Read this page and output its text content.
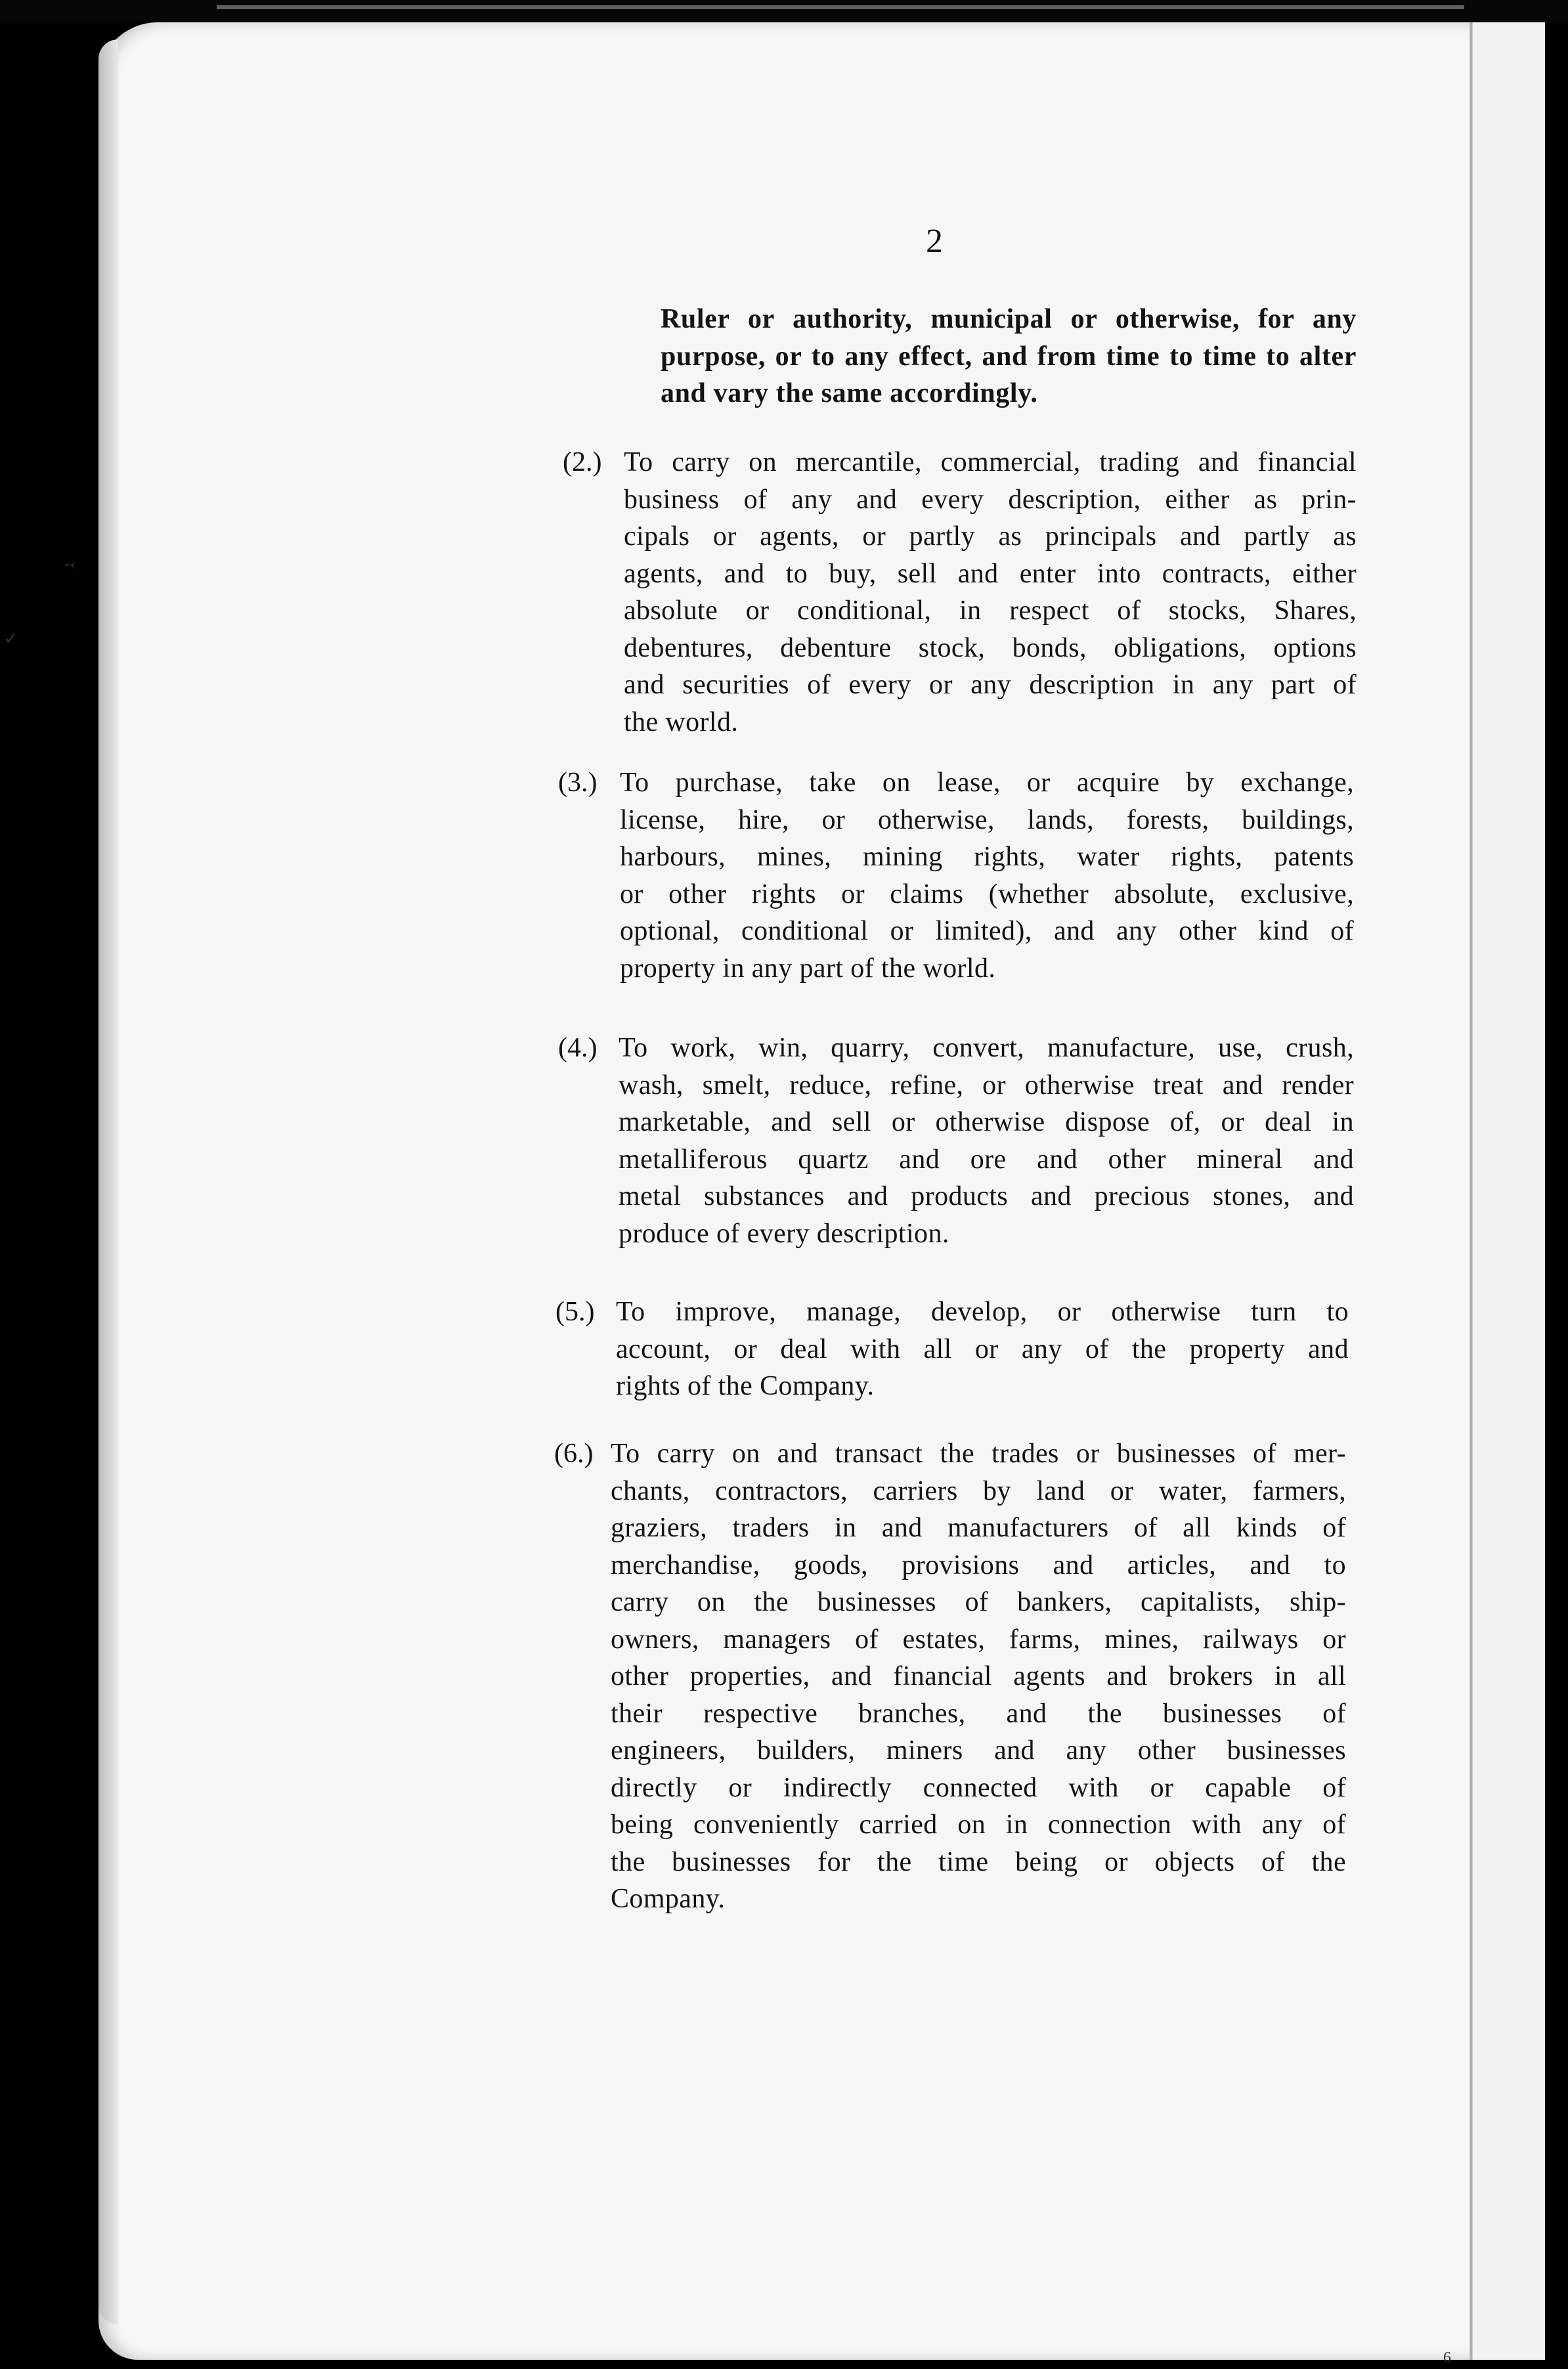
-‹
✓
6
2
Ruler or authority, municipal or otherwise, for any
purpose, or to any effect, and from time to time to alter
and vary the same accordingly.
(2.) To carry on mercantile, commercial, trading and financial
business of any and every description, either as prin-
cipals or agents, or partly as principals and partly as
agents, and to buy, sell and enter into contracts, either
absolute or conditional, in respect of stocks, Shares,
debentures, debenture stock, bonds, obligations, options
and securities of every or any description in any part of
the world.
(3.) To purchase, take on lease, or acquire by exchange,
license, hire, or otherwise, lands, forests, buildings,
harbours, mines, mining rights, water rights, patents
or other rights or claims (whether absolute, exclusive,
optional, conditional or limited), and any other kind of
property in any part of the world.
(4.) To work, win, quarry, convert, manufacture, use, crush,
wash, smelt, reduce, refine, or otherwise treat and render
marketable, and sell or otherwise dispose of, or deal in
metalliferous quartz and ore and other mineral and
metal substances and products and precious stones, and
produce of every description.
(5.) To improve, manage, develop, or otherwise turn to
account, or deal with all or any of the property and
rights of the Company.
(6.) To carry on and transact the trades or businesses of mer-
chants, contractors, carriers by land or water, farmers,
graziers, traders in and manufacturers of all kinds of
merchandise, goods, provisions and articles, and to
carry on the businesses of bankers, capitalists, ship-
owners, managers of estates, farms, mines, railways or
other properties, and financial agents and brokers in all
their respective branches, and the businesses of
engineers, builders, miners and any other businesses
directly or indirectly connected with or capable of
being conveniently carried on in connection with any of
the businesses for the time being or objects of the
Company.
